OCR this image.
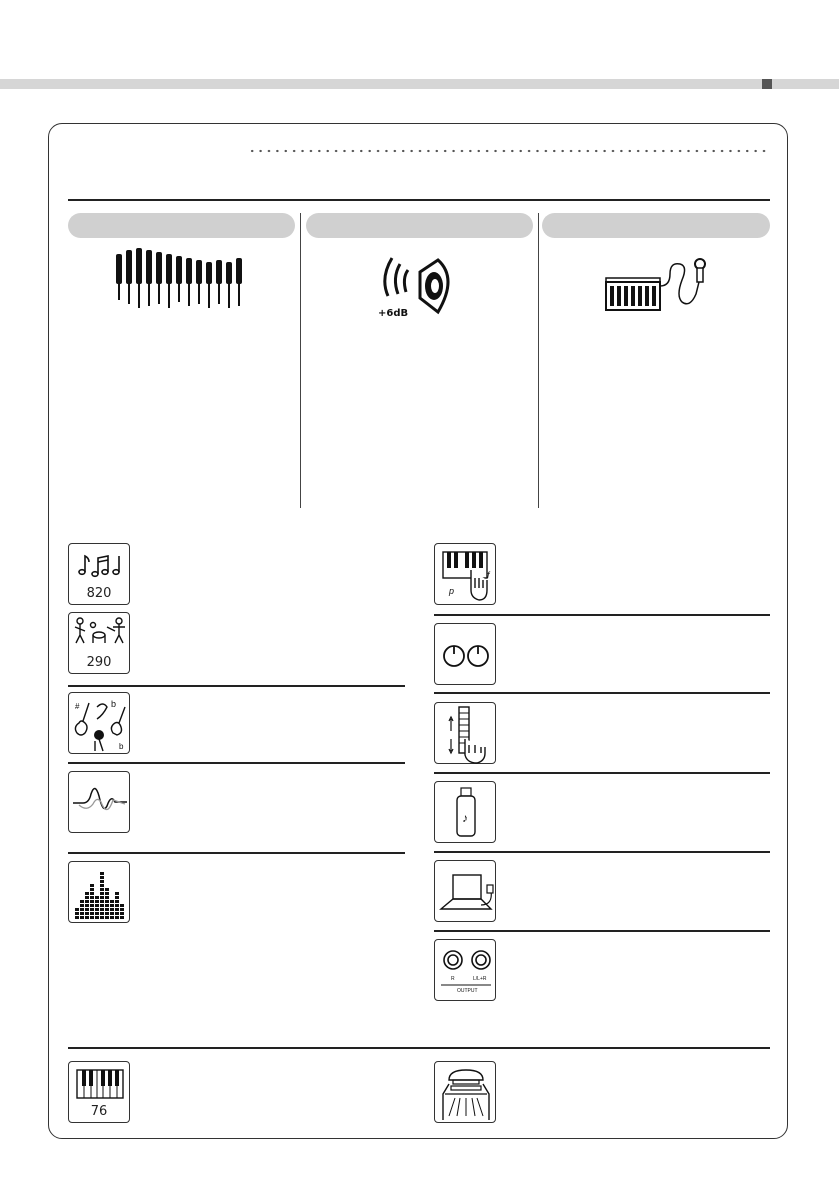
+6dB
820
290
#	b
b
p
f
♪
R	L/L+R
OUTPUT
76
